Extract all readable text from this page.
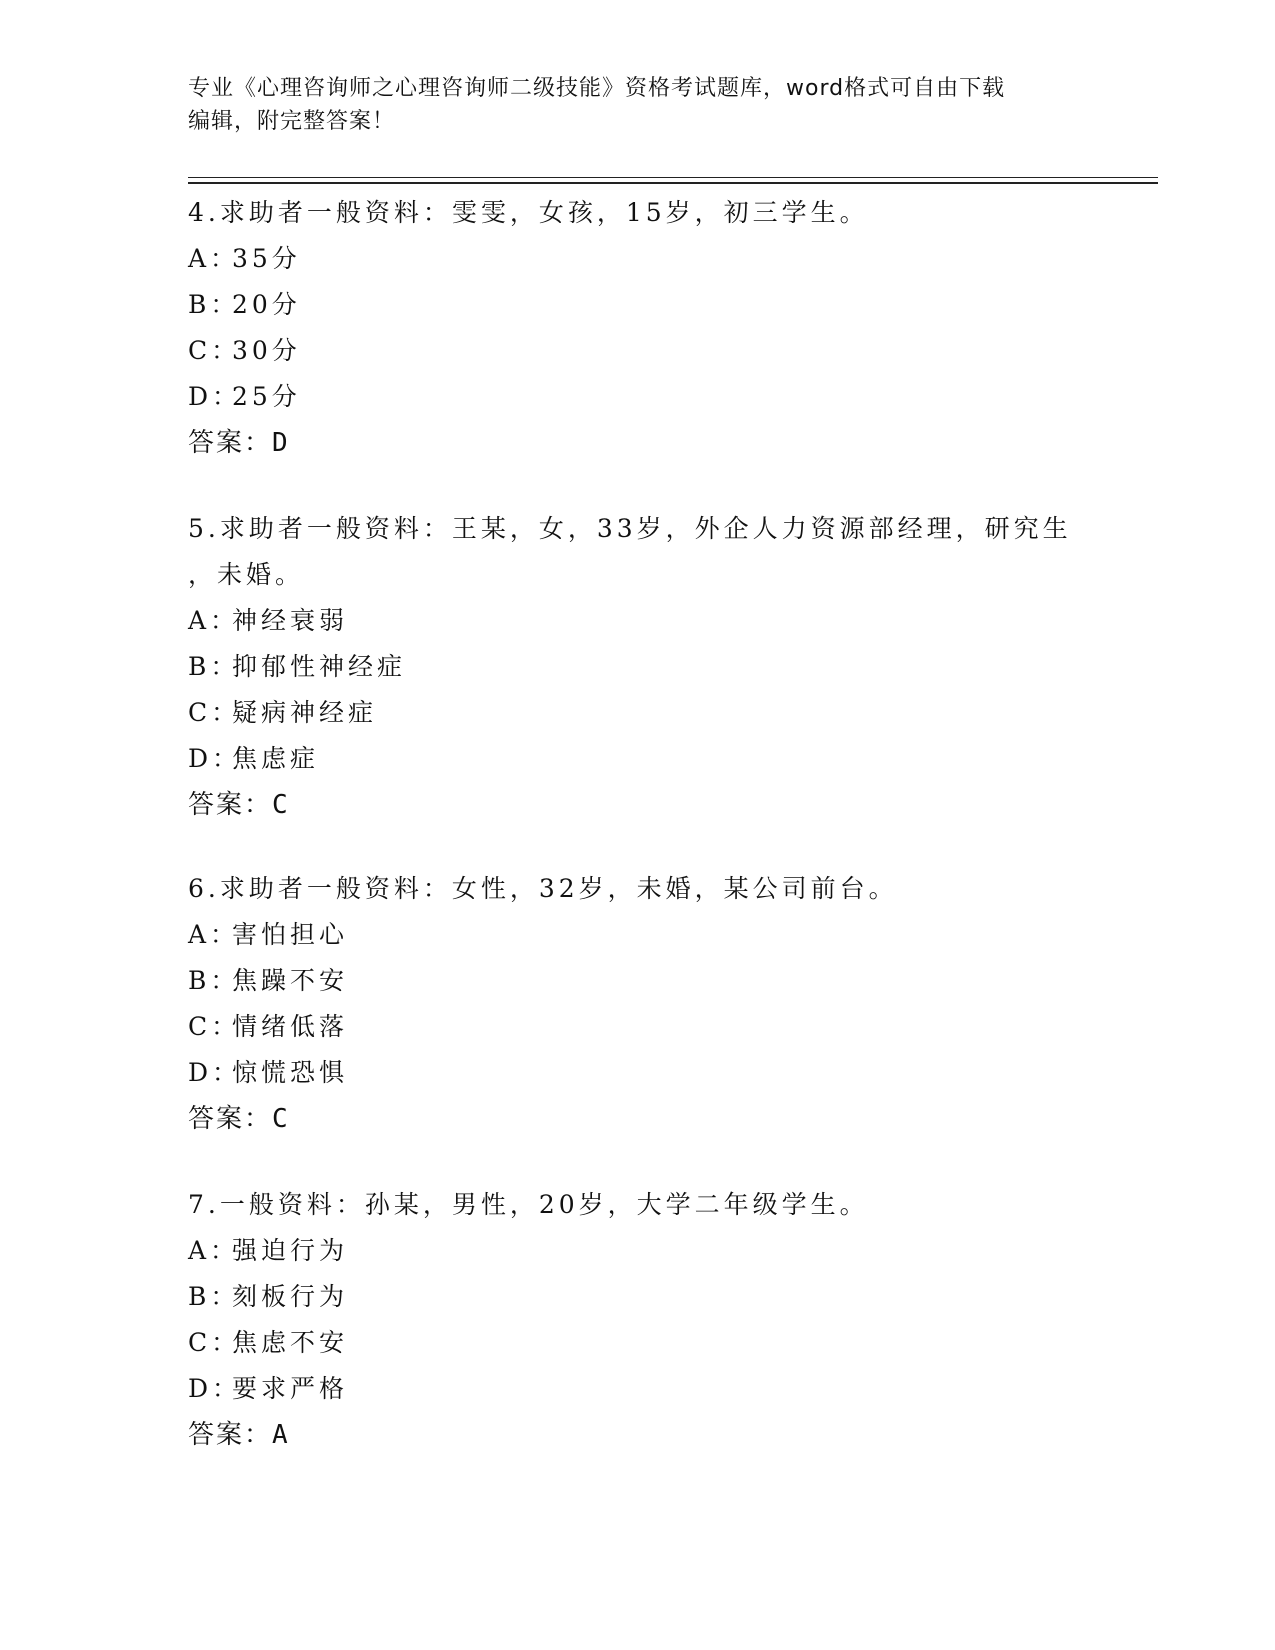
专业《心理咨询师之心理咨询师二级技能》资格考试题库，word格式可自由下载
编辑，附完整答案！
4.求助者一般资料：雯雯，女孩，15岁，初三学生。
A：35分
B：20分
C：30分
D：25分
答案：D
5.求助者一般资料：王某，女，33岁，外企人力资源部经理，研究生
，未婚。
A：神经衰弱
B：抑郁性神经症
C：疑病神经症
D：焦虑症
答案：C
6.求助者一般资料：女性，32岁，未婚，某公司前台。
A：害怕担心
B：焦躁不安
C：情绪低落
D：惊慌恐惧
答案：C
7.一般资料：孙某，男性，20岁，大学二年级学生。
A：强迫行为
B：刻板行为
C：焦虑不安
D：要求严格
答案：A
